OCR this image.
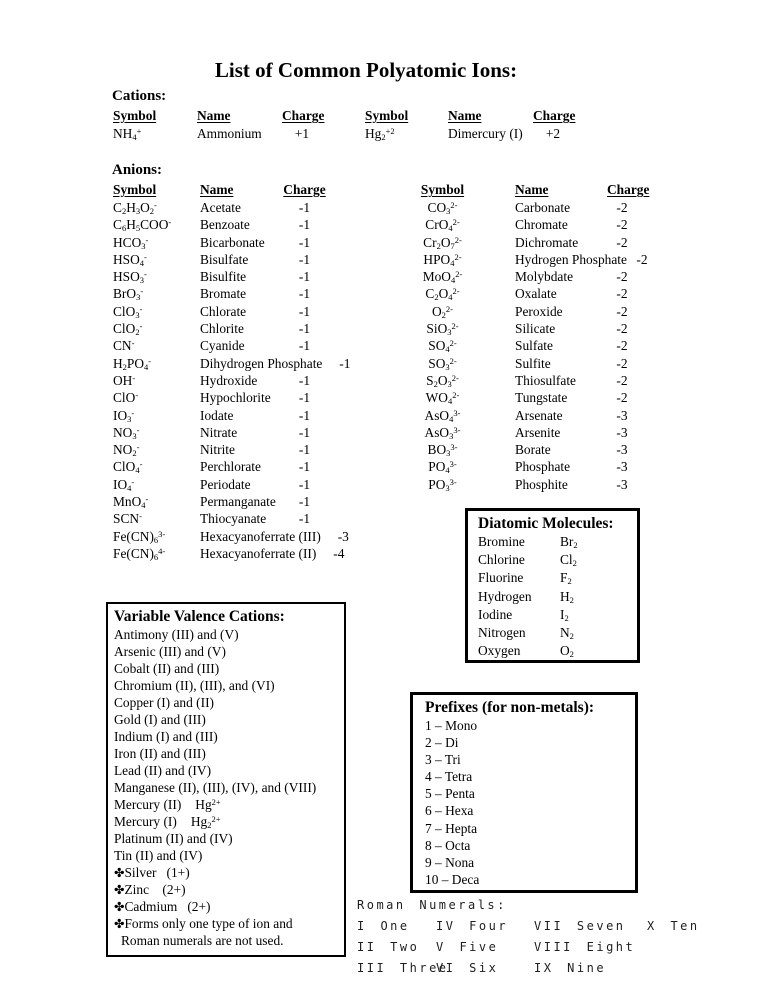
List of Common Polyatomic Ions:
Cations:
Symbol	Name	Charge	Symbol	Name	Charge
$NH_4^+$	Ammonium	+1	$Hg_2^{+2}$	Dimercury (I)	+2
Anions:
Symbol	Name	Charge
$C_2H_3O_2^-$	Acetate	-1
$C_6H_5COO^-$	Benzoate	-1
$HCO_3^-$	Bicarbonate	-1
$HSO_4^-$	Bisulfate	-1
$HSO_3^-$	Bisulfite	-1
BrO$_3$-	Bromate	-1
ClO$_3$-	Chlorate	-1
ClO$_2$-	Chlorite	-1
CN-	Cyanide	-1
$H_2PO_4^-$	Dihydrogen Phosphate	-1
OH-	Hydroxide	-1
ClO-	Hypochlorite	-1
$IO_3^-$	Iodate	-1
$NO_3^-$	Nitrate	-1
$NO_2^-$	Nitrite	-1
ClO$_4$-	Perchlorate	-1
$IO_4^-$	Periodate	-1
MnO$_4$-	Permanganate	-1
SCN-	Thiocyanate	-1
$Fe(CN)_6^{3-}$	Hexacyanoferrate (III)	-3
$Fe(CN)_6^{4-}$	Hexacyanoferrate (II)	-4
Symbol	Name	Charge
$CO_3^{2-}$	Carbonate	-2
CrO$_4^{2-}$	Chromate	-2
$Cr_2O_7^{2-}$	Dichromate	-2
$HPO_4^{2-}$	Hydrogen Phosphate -2
MoO$_4^{2-}$	Molybdate	-2
$C_2O_4^{2-}$	Oxalate	-2
$O_2^{2-}$	Peroxide	-2
SiO$_3^{2-}$	Silicate	-2
$SO_4^{2-}$	Sulfate	-2
$SO_3^{2-}$	Sulfite	-2
$S_2O_3^{2-}$	Thiosulfate	-2
$WO_4^{2-}$	Tungstate	-2
AsO$_4^{3-}$	Arsenate	-3
AsO$_3^{3-}$	Arsenite	-3
$BO_3^{3-}$	Borate	-3
$PO_4^{3-}$	Phosphate	-3
$PO_3^{3-}$	Phosphite	-3
Diatomic Molecules:
Bromine	$Br_2$
Chlorine	$Cl_2$
Fluorine	$F_2$
Hydrogen	$H_2$
Iodine	$I_2$
Nitrogen	$N_2$
Oxygen	$O_2$
Variable Valence Cations:
Antimony (III) and (V)
Arsenic (III) and (V)
Cobalt (II) and (III)
Chromium (II), (III), and (VI)
Copper (I) and (II)
Gold (I) and (III)
Indium (I) and (III)
Iron (II) and (III)
Lead (II) and (IV)
Manganese (II), (III), (IV), and (VIII)
Mercury (II) $Hg^{2+}$
Mercury (I) $Hg_2^{2+}$
Platinum (II) and (IV)
Tin (II) and (IV)
✤Silver   (1+)
✤Zinc    (2+)
✤Cadmium   (2+)
✤Forms only one type of ion and
Roman numerals are not used.
Prefixes (for non-metals):
1 – Mono
2 – Di
3 – Tri
4 – Tetra
5 – Penta
6 – Hexa
7 – Hepta
8 – Octa
9 – Nona
10 – Deca
Roman Numerals:
I One
II Two
III Three
IV Four
V Five
VI Six
VII Seven
VIII Eight
IX Nine
X Ten
